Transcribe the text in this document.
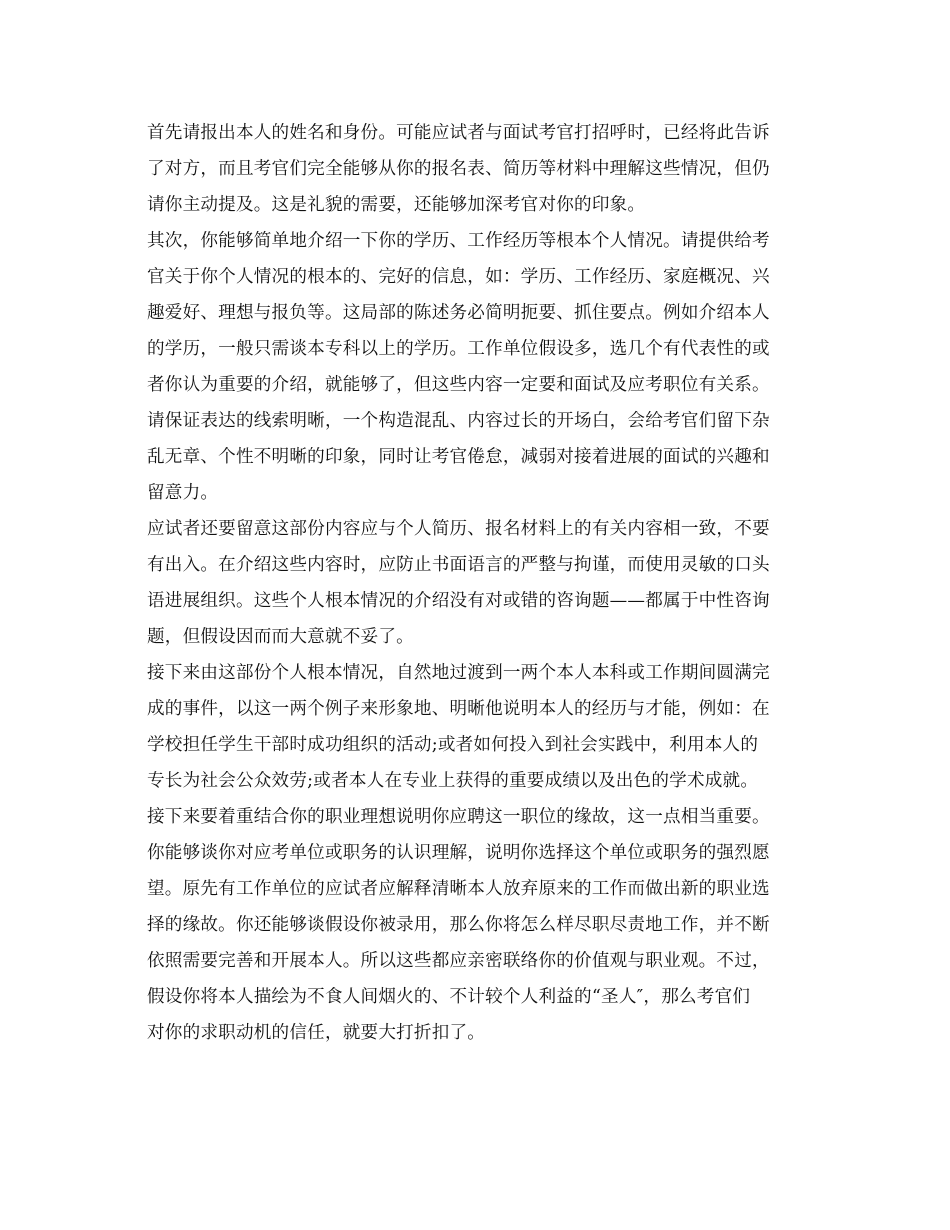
首先请报出本人的姓名和身份。可能应试者与面试考官打招呼时，已经将此告诉
了对方，而且考官们完全能够从你的报名表、简历等材料中理解这些情况，但仍
请你主动提及。这是礼貌的需要，还能够加深考官对你的印象。
其次，你能够简单地介绍一下你的学历、工作经历等根本个人情况。请提供给考
官关于你个人情况的根本的、完好的信息，如：学历、工作经历、家庭概况、兴
趣爱好、理想与报负等。这局部的陈述务必简明扼要、抓住要点。例如介绍本人
的学历，一般只需谈本专科以上的学历。工作单位假设多，选几个有代表性的或
者你认为重要的介绍，就能够了，但这些内容一定要和面试及应考职位有关系。
请保证表达的线索明晰，一个构造混乱、内容过长的开场白，会给考官们留下杂
乱无章、个性不明晰的印象，同时让考官倦怠，减弱对接着进展的面试的兴趣和
留意力。
应试者还要留意这部份内容应与个人简历、报名材料上的有关内容相一致，不要
有出入。在介绍这些内容时，应防止书面语言的严整与拘谨，而使用灵敏的口头
语进展组织。这些个人根本情况的介绍没有对或错的咨询题——都属于中性咨询
题，但假设因而而大意就不妥了。
接下来由这部份个人根本情况，自然地过渡到一两个本人本科或工作期间圆满完
成的事件，以这一两个例子来形象地、明晰他说明本人的经历与才能，例如：在
学校担任学生干部时成功组织的活动;或者如何投入到社会实践中，利用本人的
专长为社会公众效劳;或者本人在专业上获得的重要成绩以及出色的学术成就。
接下来要着重结合你的职业理想说明你应聘这一职位的缘故，这一点相当重要。
你能够谈你对应考单位或职务的认识理解，说明你选择这个单位或职务的强烈愿
望。原先有工作单位的应试者应解释清晰本人放弃原来的工作而做出新的职业选
择的缘故。你还能够谈假设你被录用，那么你将怎么样尽职尽责地工作，并不断
依照需要完善和开展本人。所以这些都应亲密联络你的价值观与职业观。不过，
假设你将本人描绘为不食人间烟火的、不计较个人利益的“圣人″，那么考官们
对你的求职动机的信任，就要大打折扣了。
